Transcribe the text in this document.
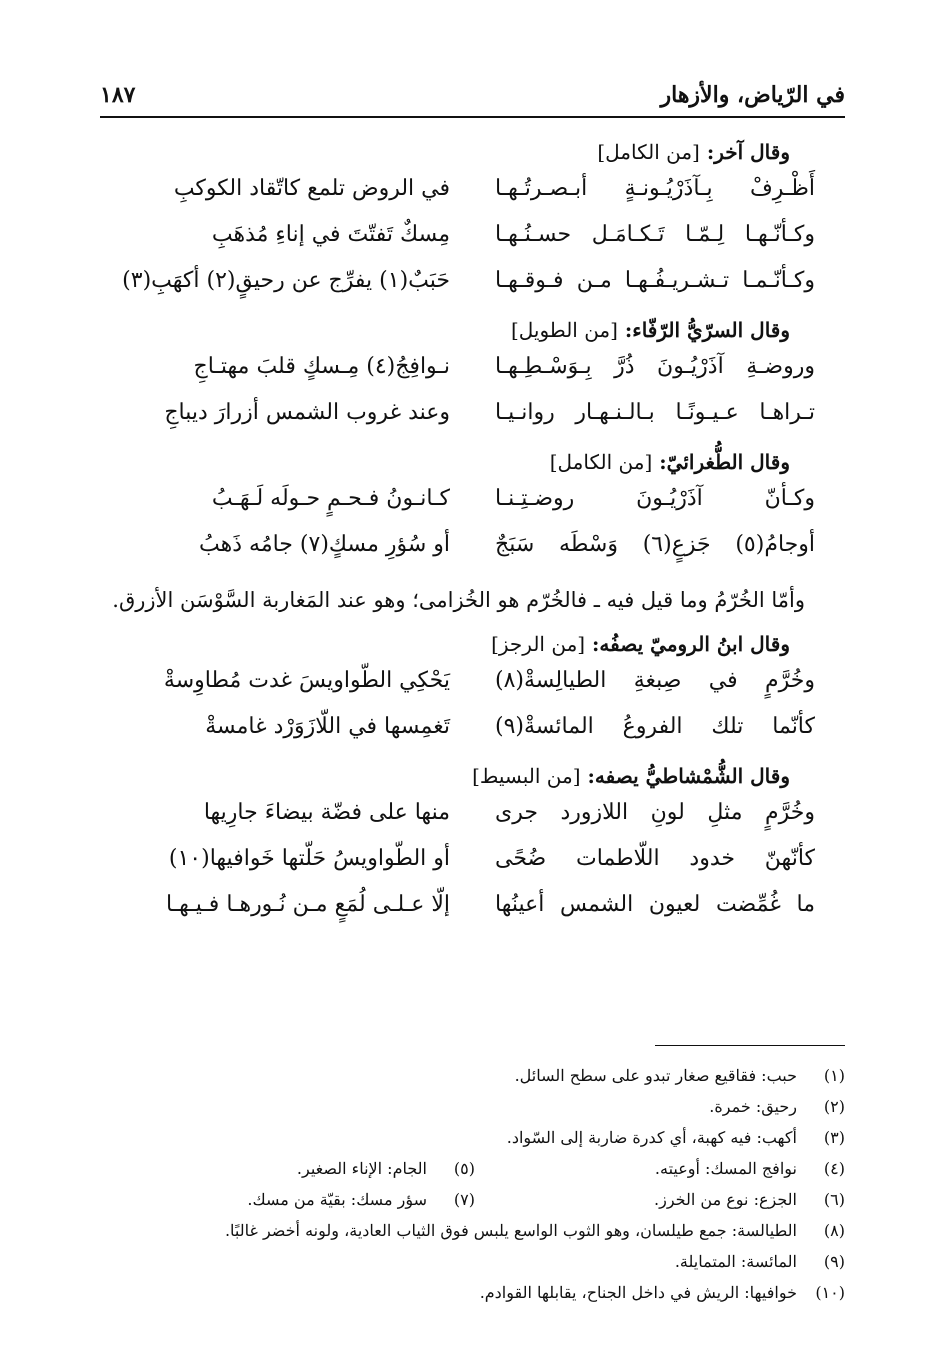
في الرّياض، والأزهار
١٨٧
وقال آخر: [من الكامل]
أَظْـرِفْ بِـآذَرْيُـونـةٍ أبـصـرتُـهـا
في الروض تلمع كاتّقاد الكوكبِ
وكـأنّـهـا لِـمّـا تَـكـامَـل حسـنُـهـا
مِسكٌ تَفتّتَ في إناءِ مُذهَبِ
وكـأنّـمـا تـشـريـفُـهـا مـن فـوقـهـا
حَبَبٌ(١) يفرِّج عن رحيقٍ(٢) أكهَبِ(٣)
وقال السرّيُّ الرّفّاء: [من الطويل]
وروضـةِ آذَرْيُـونَ ذُرَّ بِـوَسْـطِـهـا
نـوافِجُ(٤) مِـسكٍ قلبَ مهتـاجِ
تـراهـا عـيـونًـا بـالـنـهـار روانـيـا
وعند غروب الشمس أزرارَ ديباجِ
وقال الطُّغرائيّ: [من الكامل]
وكـأنّ آذَرْيُـونَ روضـتِـنـا
كـانـونُ فـحـمٍ حـولَه لَـهَـبُ
أوجامُ(٥) جَزعٍ(٦) وَسْطَه سَبَجٌ
أو سُؤرِ مسكٍ(٧) جامُه ذَهبُ
وأمّا الخُرّمُ وما قيل فيه ـ فالخُرّم هو الخُزامى؛ وهو عند المَغاربة السَّوْسَن الأزرق.
وقال ابنُ الروميّ يصفُه: [من الرجز]
وخُرَّمٍ في صِبغةِ الطيالِسةْ(٨)
يَحْكِي الطّواويسَ غدت مُطاوِسةْ
كأنّما تلك الفروعُ المائسةْ(٩)
تَغمِسها في اللّازَوَرْد غامسةْ
وقال الشُّمْشاطيُّ يصفه: [من البسيط]
وخُرَّمٍ مثلِ لونِ اللازورد جرى
منها على فضّة بيضاءَ جارِيها
كأنّهنّ خدود اللّاطمات ضُحًى
أو الطّواويسُ حَلّتها خَوافيها(١٠)
ما غُمِّضت لعيون الشمس أعينُها
إلّا عـلـى لُمَعٍ مـن نُـورهـا فـيـهـا
(١)حبب: فقاقيع صغار تبدو على سطح السائل.
(٢)رحيق: خمرة.
(٣)أكهب: فيه كهبة، أي كدرة ضاربة إلى السّواد.
(٤)نوافج المسك: أوعيته.
(٥)الجام: الإناء الصغير.
(٦)الجزع: نوع من الخرز.
(٧)سؤر مسك: بقيّة من مسك.
(٨)الطيالسة: جمع طيلسان، وهو الثوب الواسع يلبس فوق الثياب العادية، ولونه أخضر غالبًا.
(٩)المائسة: المتمايلة.
(١٠)خوافيها: الريش في داخل الجناح، يقابلها القوادم.
